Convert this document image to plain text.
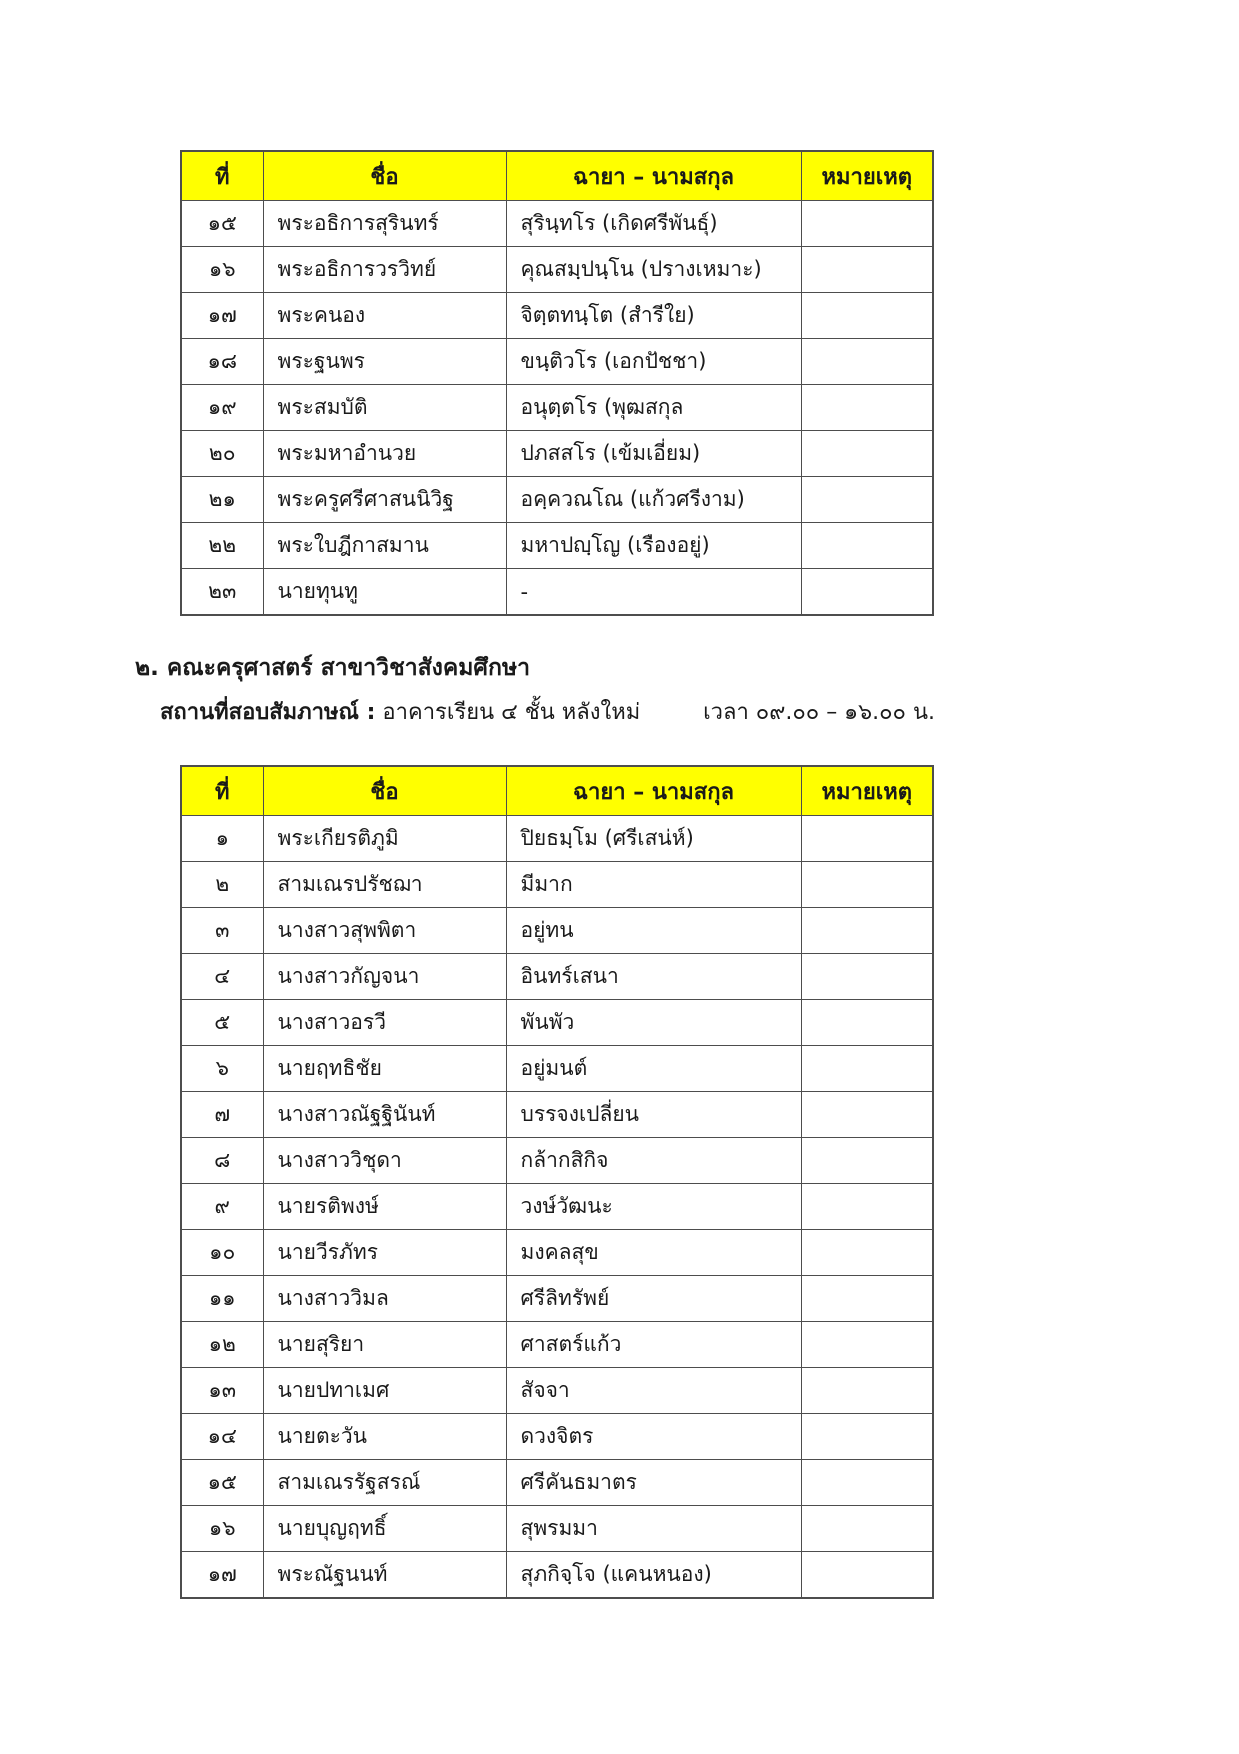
ที่	ชื่อ	ฉายา – นามสกุล	หมายเหตุ
๑๕	พระอธิการสุรินทร์	สุรินฺทโร (เกิดศรีพันธุ์)	
๑๖	พระอธิการวรวิทย์	คุณสมฺปนฺโน (ปรางเหมาะ)	
๑๗	พระคนอง	จิตฺตทนฺโต (สำรีใย)	
๑๘	พระฐนพร	ขนฺติวโร (เอกปัชชา)	
๑๙	พระสมบัติ	อนุตฺตโร (พุฒสกุล	
๒๐	พระมหาอำนวย	ปภสสโร (เข้มเอี่ยม)	
๒๑	พระครูศรีศาสนนิวิฐ	อคฺควณโณ (แก้วศรีงาม)	
๒๒	พระใบฎีกาสมาน	มหาปญฺโญ (เรืองอยู่)	
๒๓	นายทุนทู	-	
๒. คณะครุศาสตร์ สาขาวิชาสังคมศึกษา
สถานที่สอบสัมภาษณ์ : อาคารเรียน ๔ ชั้น หลังใหม่	เวลา ๐๙.๐๐ – ๑๖.๐๐ น.
ที่	ชื่อ	ฉายา – นามสกุล	หมายเหตุ
๑	พระเกียรติภูมิ	ปิยธมฺโม (ศรีเสน่ห์)	
๒	สามเณรปรัชฌา	มีมาก	
๓	นางสาวสุพพิตา	อยู่ทน	
๔	นางสาวกัญจนา	อินทร์เสนา	
๕	นางสาวอรวี	พันพัว	
๖	นายฤทธิชัย	อยู่มนต์	
๗	นางสาวณัฐฐินันท์	บรรจงเปลี่ยน	
๘	นางสาววิชุดา	กล้ากสิกิจ	
๙	นายรติพงษ์	วงษ์วัฒนะ	
๑๐	นายวีรภัทร	มงคลสุข	
๑๑	นางสาววิมล	ศรีลิทรัพย์	
๑๒	นายสุริยา	ศาสตร์แก้ว	
๑๓	นายปทาเมศ	สัจจา	
๑๔	นายตะวัน	ดวงจิตร	
๑๕	สามเณรรัฐสรณ์	ศรีคันธมาตร	
๑๖	นายบุญฤทธิ์	สุพรมมา	
๑๗	พระณัฐนนท์	สุภกิจฺโจ (แคนหนอง)	
